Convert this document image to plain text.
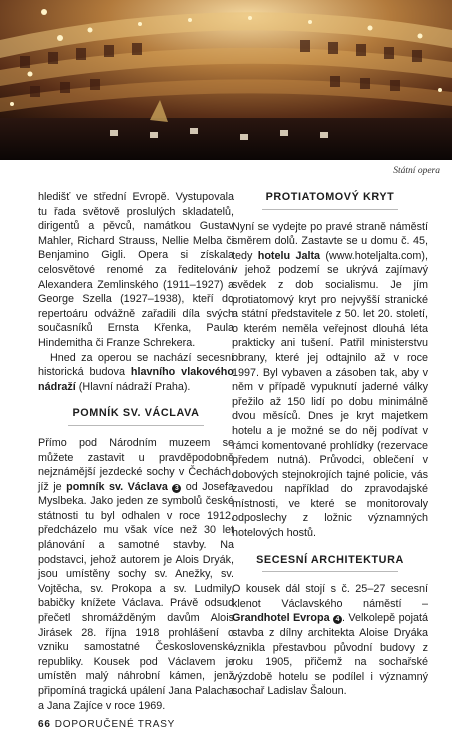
Státní opera

hledišť ve střední Evropě. Vystupovala tu řada světově proslulých skladatelů, dirigentů a pěvců, namátkou Gustav Mahler, Richard Strauss, Nellie Melba či Benjamino Gigli. Opera si získala celosvětové renomé za ředitelování Alexandera Zemlinského (1911–1927) a George Szella (1927–1938), kteří do repertoáru odvážně zařadili díla svých současníků Ernsta Křenka, Paula Hindemitha či Franze Schrekera.

Hned za operou se nachází secesní historická budova hlavního vlakového nádraží (Hlavní nádraží Praha).

POMNÍK SV. VÁCLAVA

Přímo pod Národním muzeem se můžete zastavit u pravděpodobně nejznámější jezdecké sochy v Čechách, jíž je pomník sv. Václava 3 od Josefa Myslbeka. Jako jeden ze symbolů české státnosti tu byl odhalen v roce 1912, předcházelo mu však více než 30 let plánování a samotné stavby. Na podstavci, jehož autorem je Alois Dryák, jsou umístěny sochy sv. Anežky, sv. Vojtěcha, sv. Prokopa a sv. Ludmily, babičky knížete Václava. Právě odsud přečetl shromážděným davům Alois Jirásek 28. října 1918 prohlášení o vzniku samostatné Československé republiky. Kousek pod Václavem je umístěn malý náhrobní kámen, jenž připomíná tragická upálení Jana Palacha a Jana Zajíce v roce 1969.

PROTIATOMOVÝ KRYT

Nyní se vydejte po pravé straně náměstí směrem dolů. Zastavte se u domu č. 45, tedy hotelu Jalta (www.hoteljalta.com), v jehož podzemí se ukrývá zajímavý svědek z dob socialismu. Je jím protiatomový kryt pro nejvyšší stranické a státní představitele z 50. let 20. století, o kterém neměla veřejnost dlouhá léta prakticky ani tušení. Patřil ministerstvu obrany, které jej odtajnilo až v roce 1997. Byl vybaven a zásoben tak, aby v něm v případě vypuknutí jaderné války přežilo až 150 lidí po dobu minimálně dvou měsíců. Dnes je kryt majetkem hotelu a je možné se do něj podívat v rámci komentované prohlídky (rezervace předem nutná). Průvodci, oblečení v dobových stejnokrojích tajné policie, vás zavedou například do zpravodajské místnosti, ve které se monitorovaly odposlechy z ložnic významných hotelových hostů.

SECESNÍ ARCHITEKTURA

O kousek dál stojí s č. 25–27 secesní klenot Václavského náměstí – Grandhotel Evropa 4 . Velkolepě pojatá stavba z dílny architekta Aloise Dryáka vznikla přestavbou původní budovy z roku 1905, přičemž na sochařské výzdobě hotelu se podílel i významný sochař Ladislav Šaloun.

66 DOPORUČENÉ TRASY
